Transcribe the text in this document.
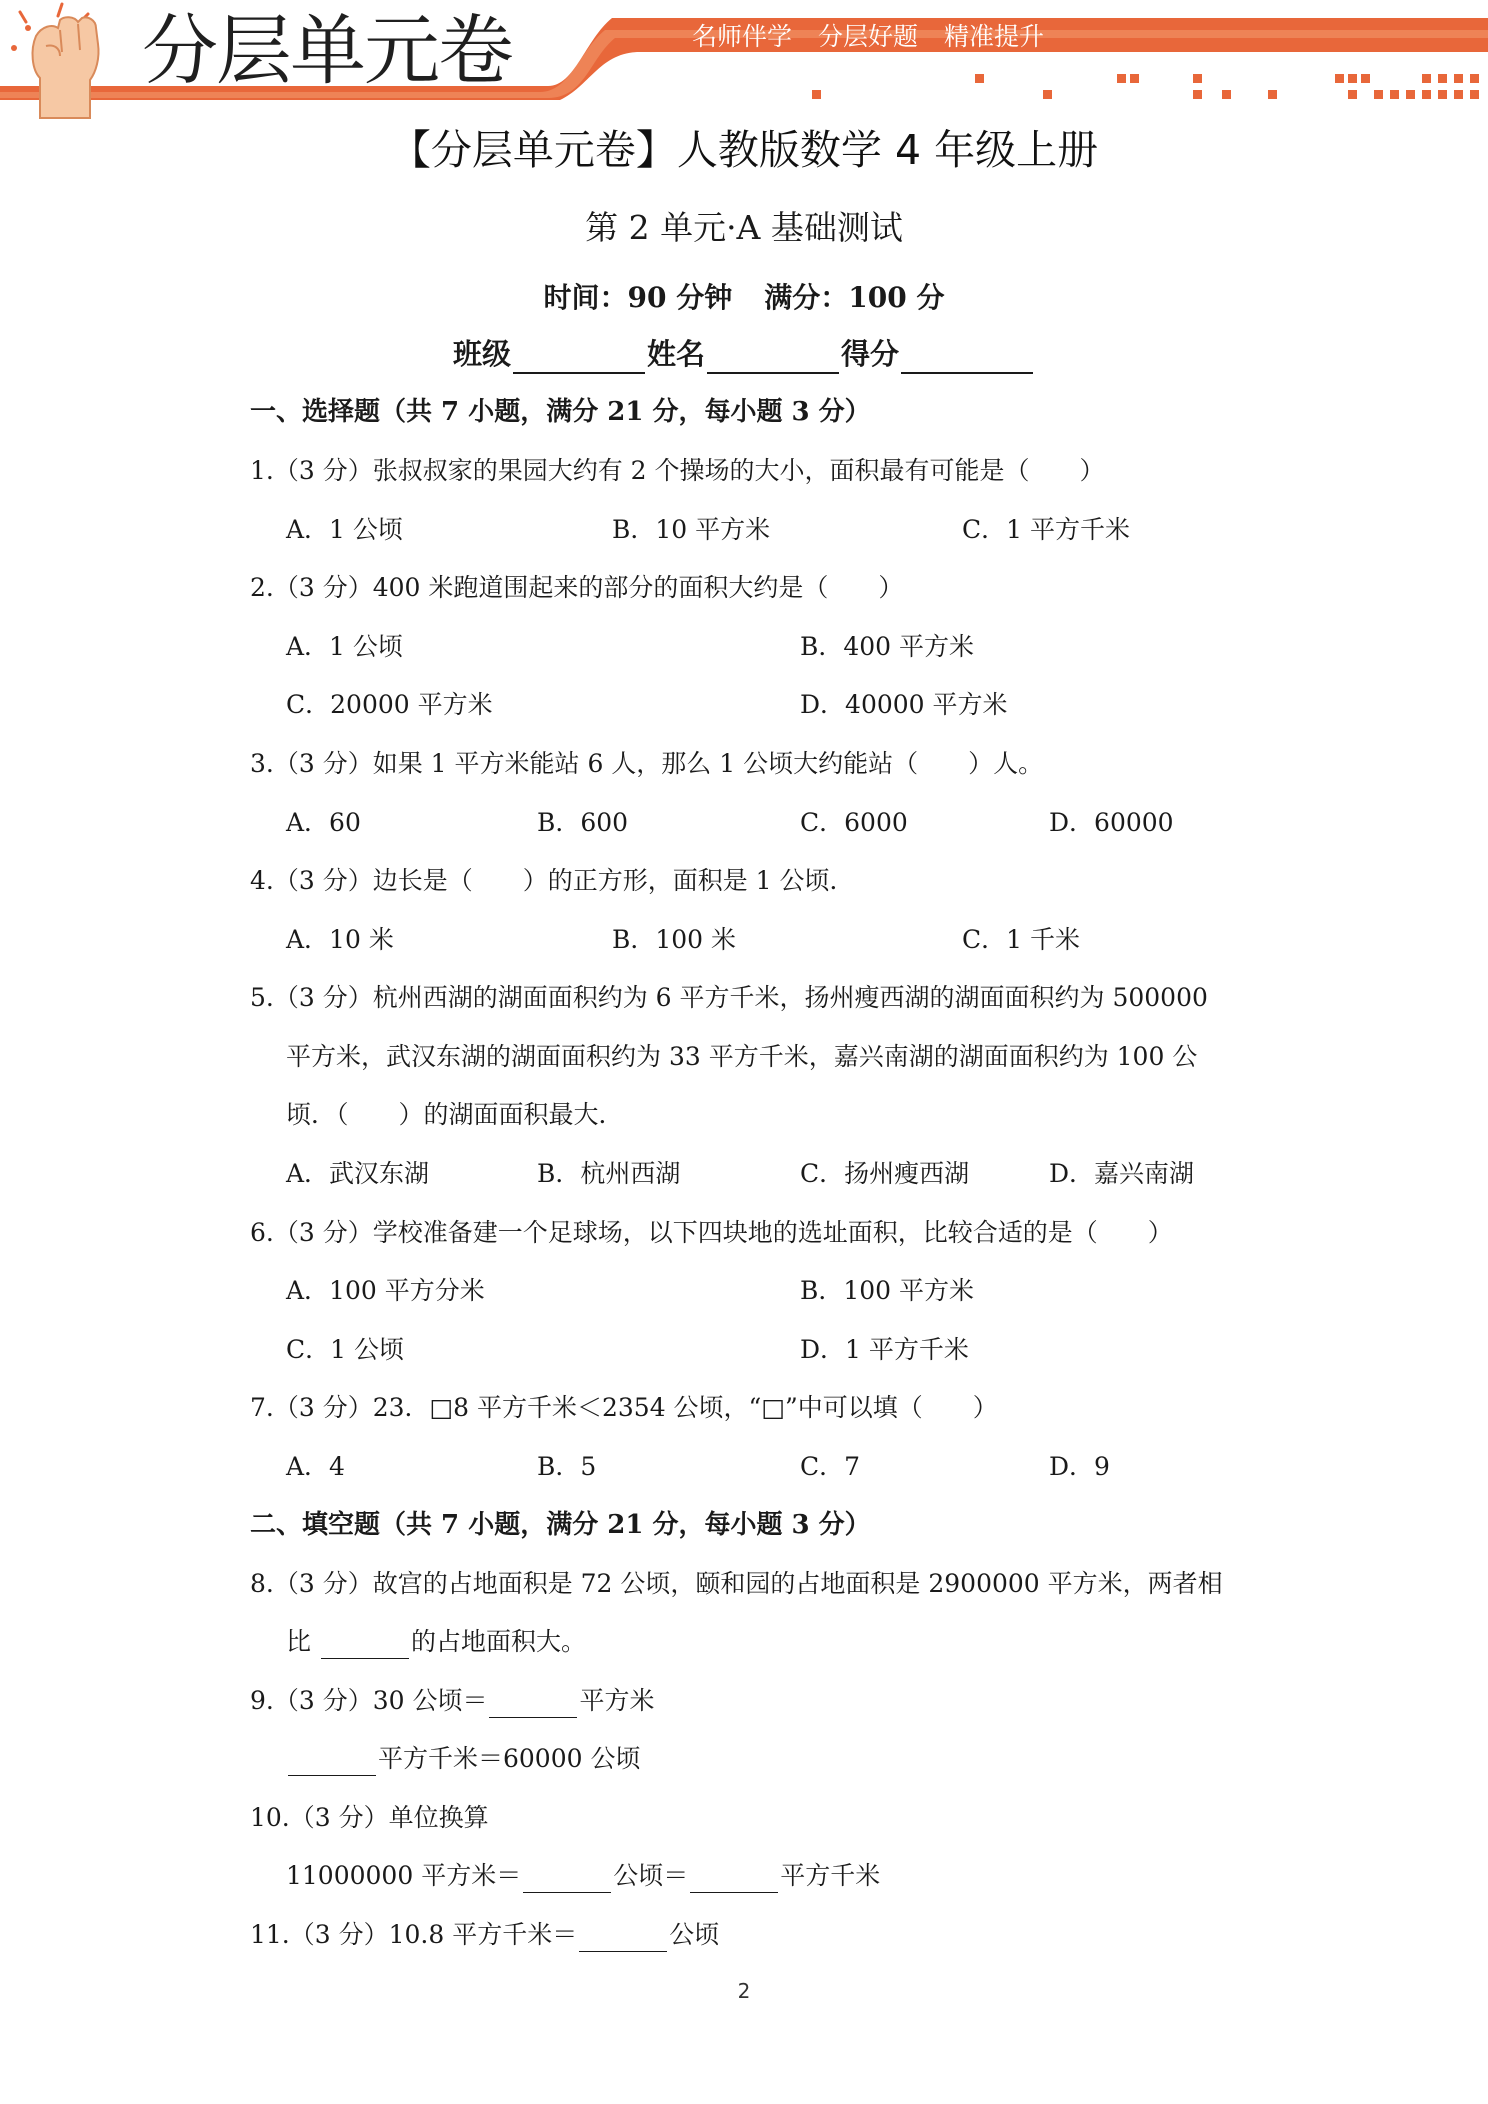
分层单元卷	名师伴学 分层好题 精准提升
【分层单元卷】人教版数学 4 年级上册
第 2 单元·A 基础测试
时间：90 分钟 满分：100 分
班级	姓名	得分
一、选择题（共 7 小题，满分 21 分，每小题 3 分）
1.（3 分）张叔叔家的果园大约有 2 个操场的大小，面积最有可能是（　　）
A．1 公顷	B．10 平方米	C．1 平方千米
2.（3 分）400 米跑道围起来的部分的面积大约是（　　）
A．1 公顷	B．400 平方米
C．20000 平方米	D．40000 平方米
3.（3 分）如果 1 平方米能站 6 人，那么 1 公顷大约能站（　　）人。
A．60	B．600	C．6000	D．60000
4.（3 分）边长是（　　）的正方形，面积是 1 公顷．
A．10 米	B．100 米	C．1 千米
5.（3 分）杭州西湖的湖面面积约为 6 平方千米，扬州瘦西湖的湖面面积约为 500000
平方米，武汉东湖的湖面面积约为 33 平方千米，嘉兴南湖的湖面面积约为 100 公
顷．（　　）的湖面面积最大．
A．武汉东湖	B．杭州西湖	C．扬州瘦西湖	D．嘉兴南湖
6.（3 分）学校准备建一个足球场，以下四块地的选址面积，比较合适的是（　　）
A．100 平方分米	B．100 平方米
C．1 公顷	D．1 平方千米
7.（3 分）23．□8 平方千米＜2354 公顷，“□”中可以填（　　）
A．4	B．5	C．7	D．9
二、填空题（共 7 小题，满分 21 分，每小题 3 分）
8.（3 分）故宫的占地面积是 72 公顷，颐和园的占地面积是 2900000 平方米，两者相
比	的占地面积大。
9.（3 分）30 公顷＝	平方米
平方千米＝60000 公顷
10.（3 分）单位换算
11000000 平方米＝	公顷＝	平方千米
11.（3 分）10.8 平方千米＝	公顷
2
